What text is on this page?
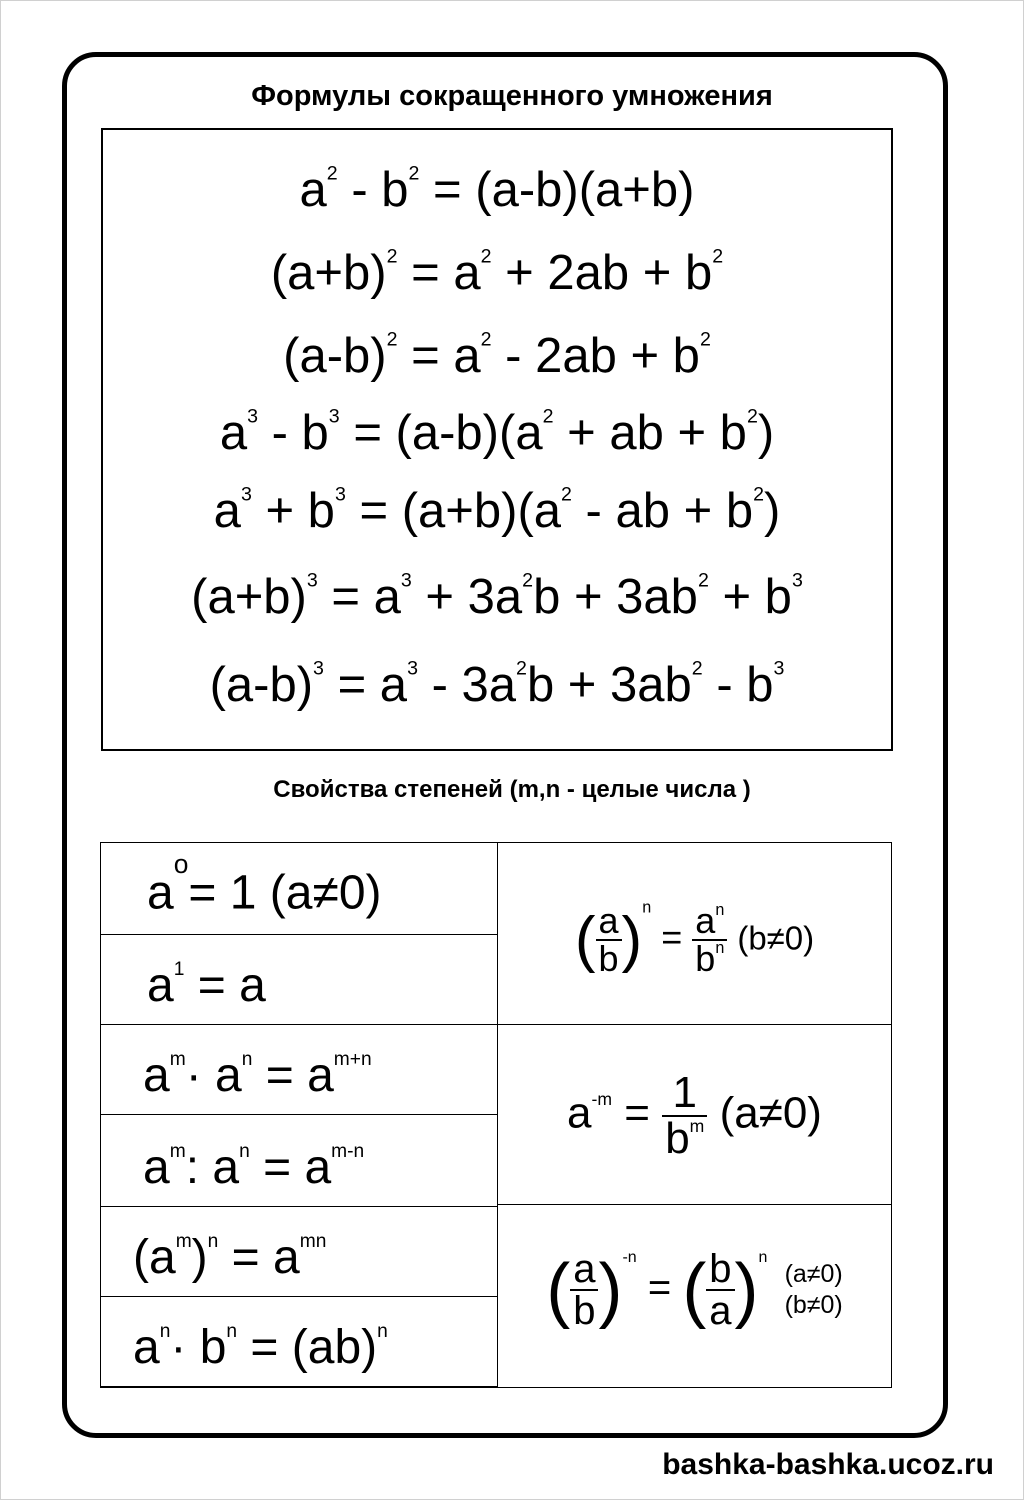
Формулы сокращенного умножения
$a^2 - b^2 = (a-b)(a+b)$
$(a+b)^2 = a^2 + 2ab + b^2$
$(a-b)^2 = a^2 - 2ab + b^2$
$a^3 - b^3 = (a-b)(a^2$ + ab + $b^2$)
$a^3 + b^3 = (a+b)(a^2$ - ab + $b^2$)
$(a+b)^3 = a^3 + 3a^2b + 3ab^2 + b^3$
$(a-b)^3 = a^3 - 3a^2b + 3ab^2 - b^3$
Свойства степеней (m,n - целые числа )
$a^o= 1$ (a≠0)
$a^1 = a$
$a^m\cdot a^n = a^{m+n}$
$a^m$: $a^n = a^{m-n}$
$(a^m)^n = a^{mn}$
$a^n\cdot b^n = (ab)^n$
( $\frac{a}{b} )^n = \frac{a^n}{b^n} (b\ne 0)$
$a^{-m} = \frac{1}{b^m} (a\ne 0)$
( $\frac{a}{b} )^{-n}$ = ( $\frac{b}{a} )^n$ (a≠0)
(b≠0)
bashka-bashka.ucoz.ru
